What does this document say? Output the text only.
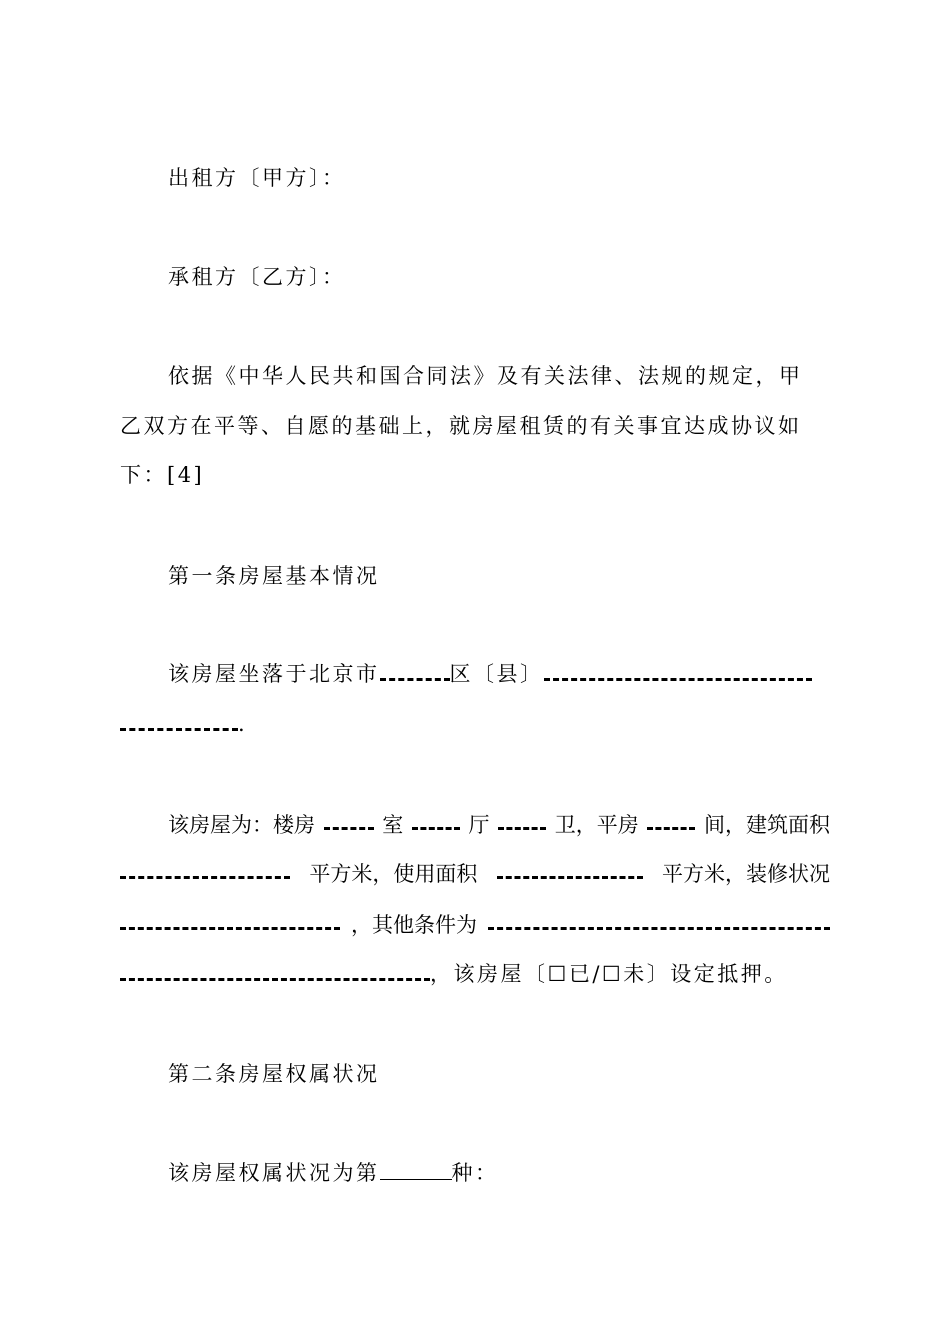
出租方〔甲方〕：
承租方〔乙方〕：
依据《中华人民共和国合同法》及有关法律、法规的规定，甲
乙双方在平等、自愿的基础上，就房屋租赁的有关事宜达成协议如
下：[4]
第一条房屋基本情况
该房屋坐落于北京市	区〔县〕
.
该房屋为：楼房	室	厅	卫，平房	间，建筑面积
平方米，使用面积	平方米，装修状况
，其他条件为
，该房屋〔☐已/☐未〕设定抵押。
第二条房屋权属状况
该房屋权属状况为第	种：
